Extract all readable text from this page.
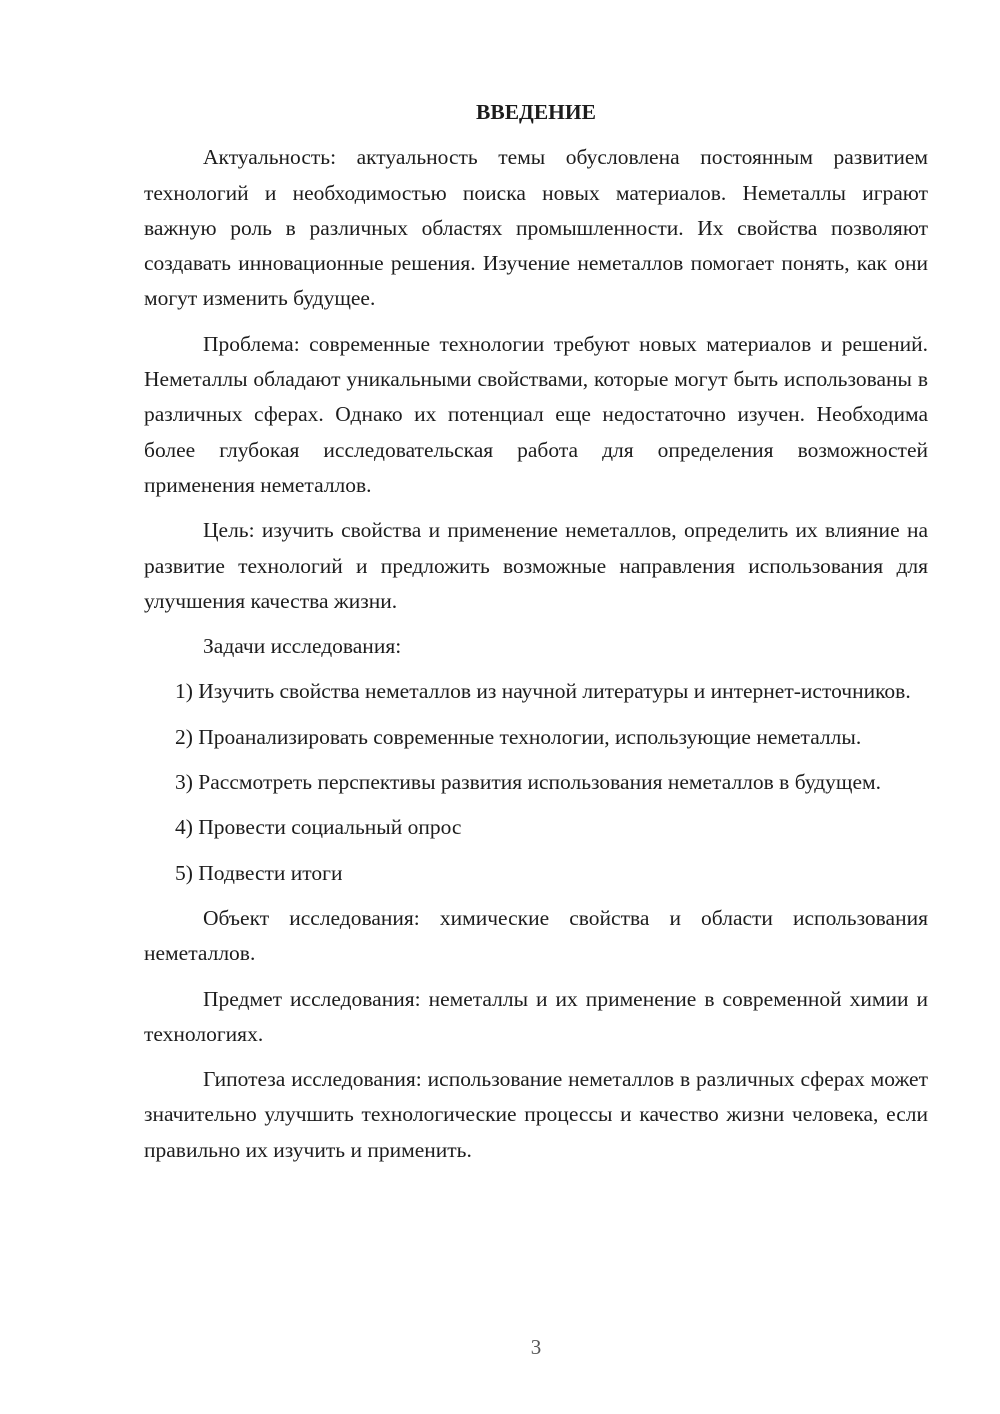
ВВЕДЕНИЕ

Актуальность: актуальность темы обусловлена постоянным развитием технологий и необходимостью поиска новых материалов. Неметаллы играют важную роль в различных областях промышленности. Их свойства позволяют создавать инновационные решения. Изучение неметаллов помогает понять, как они могут изменить будущее.

Проблема: современные технологии требуют новых материалов и решений. Неметаллы обладают уникальными свойствами, которые могут быть использованы в различных сферах. Однако их потенциал еще недостаточно изучен. Необходима более глубокая исследовательская работа для определения возможностей применения неметаллов.

Цель: изучить свойства и применение неметаллов, определить их влияние на развитие технологий и предложить возможные направления использования для улучшения качества жизни.

Задачи исследования:

1) Изучить свойства неметаллов из научной литературы и интернет-источников.

2) Проанализировать современные технологии, использующие неметаллы.

3) Рассмотреть перспективы развития использования неметаллов в будущем.

4) Провести социальный опрос

5) Подвести итоги

Объект исследования: химические свойства и области использования неметаллов.

Предмет исследования: неметаллы и их применение в современной химии и технологиях.

Гипотеза исследования: использование неметаллов в различных сферах может значительно улучшить технологические процессы и качество жизни человека, если правильно их изучить и применить.

3
